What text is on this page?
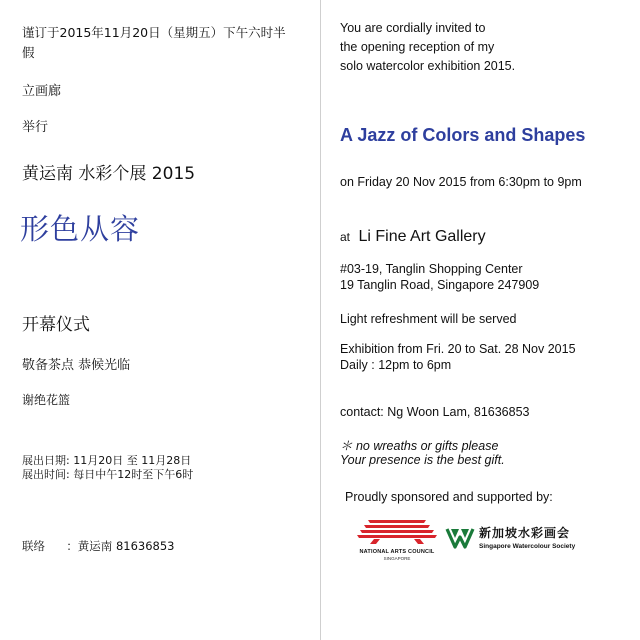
谨订于2015年11月20日（星期五）下午六时半
假
立画廊
举行
黄运南 水彩个展 2015
形色从容
开幕仪式
敬备茶点 恭候光临
谢绝花篮
展出日期: 11月20日 至 11月28日
展出时间: 每日中午12时至下午6时
联络 ：黄运南 81636853
You are cordially invited to
the opening reception of my
solo watercolor exhibition 2015.
A Jazz of Colors and Shapes
on Friday 20 Nov 2015 from 6:30pm to 9pm
at Li Fine Art Gallery
#03-19, Tanglin Shopping Center
19 Tanglin Road, Singapore 247909
Light refreshment will be served
Exhibition from Fri. 20 to Sat. 28 Nov 2015
Daily : 12pm to 6pm
contact: Ng Woon Lam, 81636853
＊ no wreaths or gifts please
Your presence is the best gift.
Proudly sponsored and supported by:
NATIONAL ARTS COUNCIL
SINGAPORE
新加坡水彩画会
Singapore Watercolour Society
